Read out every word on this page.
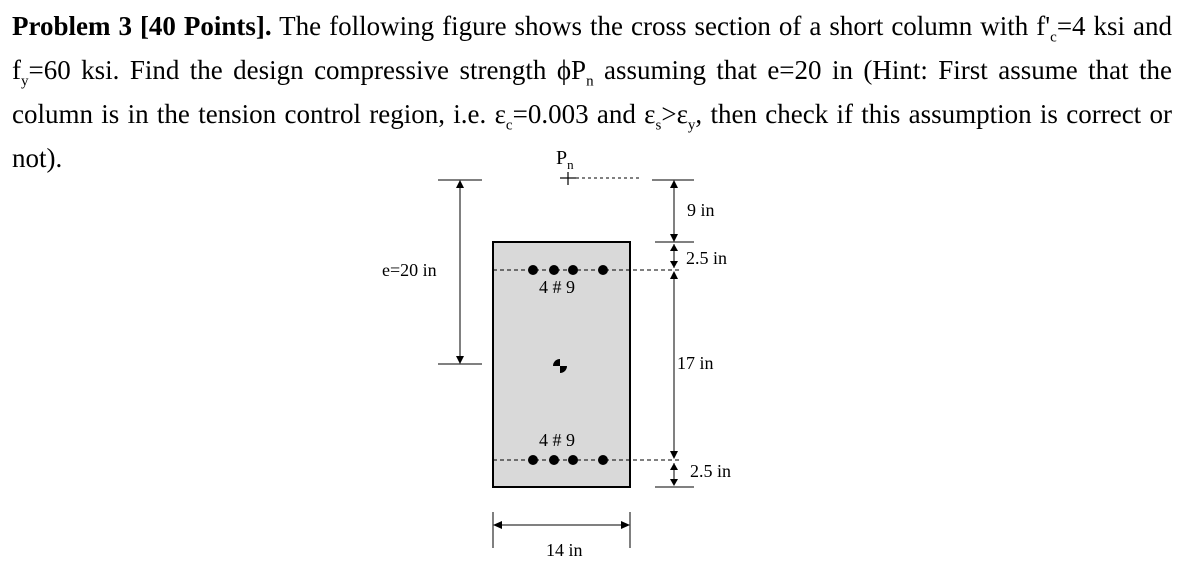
Problem 3 [40 Points]. The following figure shows the cross section of a short column with $f'_c=4$ ksi and $f_y=60$ ksi. Find the design compressive strength $\phi P_n$ assuming that e=20 in (Hint: First assume that the column is in the tension control region, i.e. $\varepsilon_c=0.003$ and $\varepsilon_s>\varepsilon_y$, then check if this assumption is correct or not).

4 # 9
4 # 9
$P_n$
e=20 in
9 in
2.5 in
17 in
2.5 in
14 in
